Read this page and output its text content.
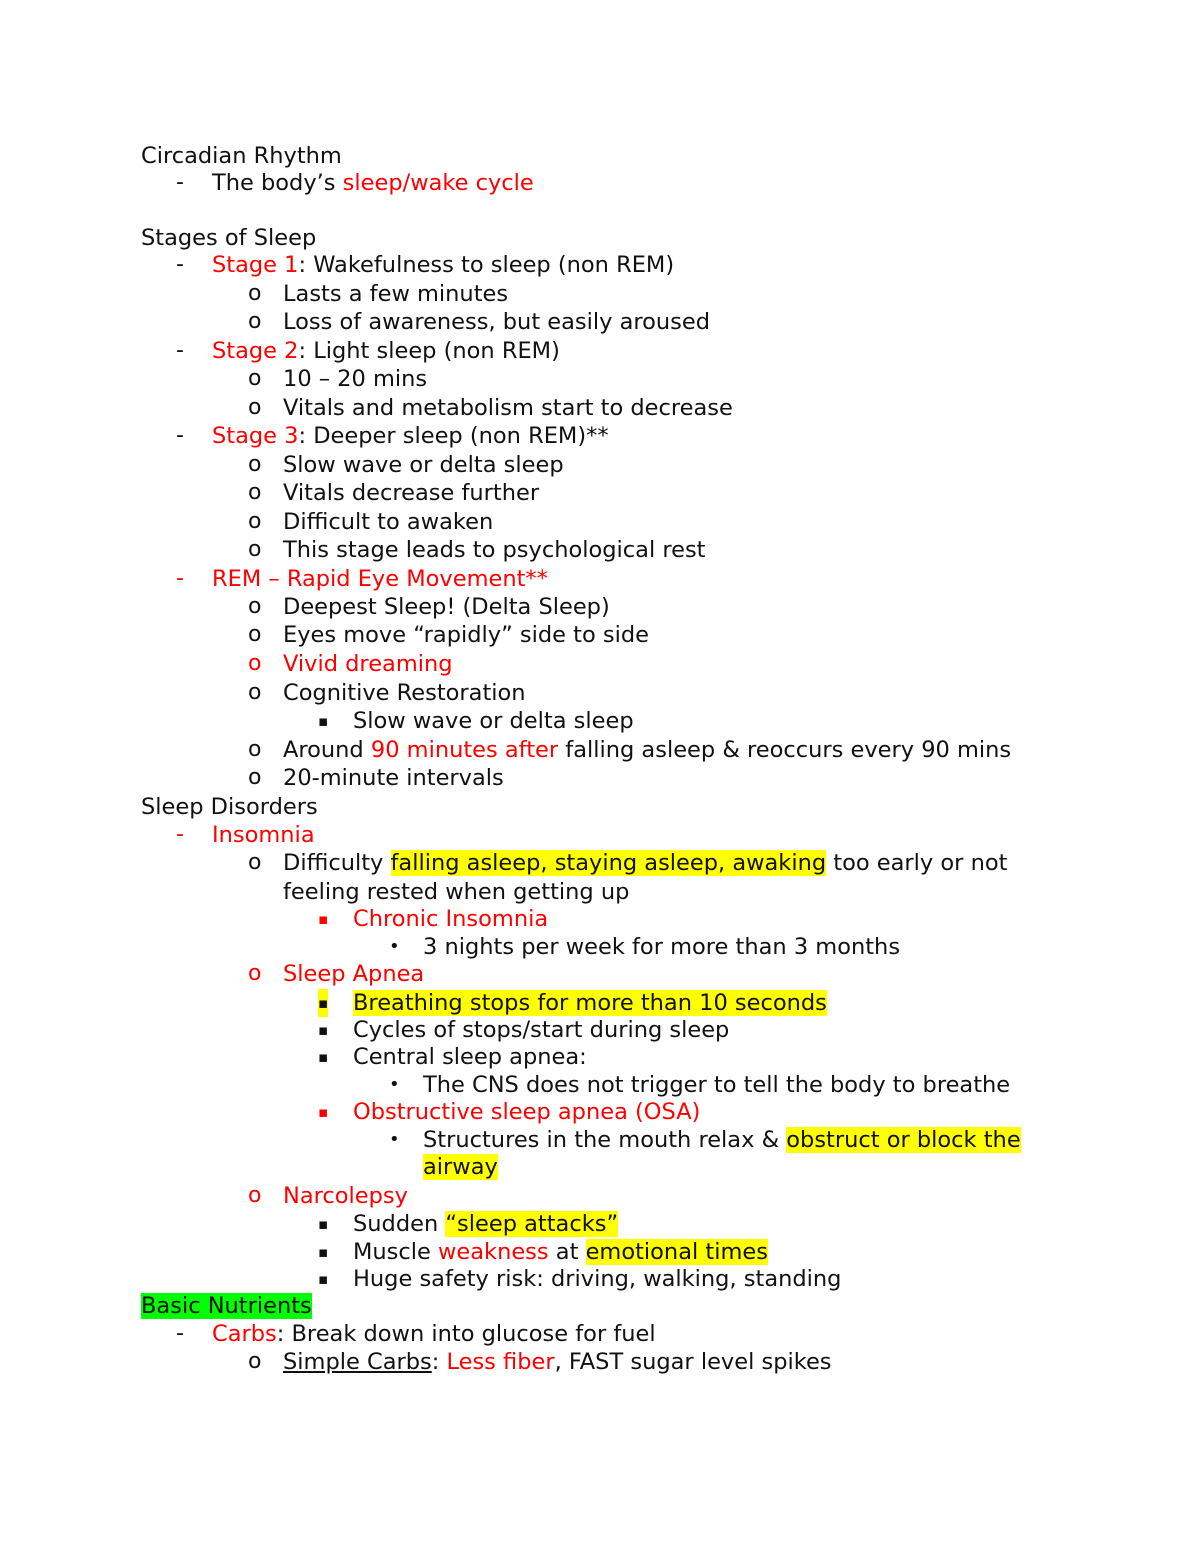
Circadian Rhythm
- The body’s sleep/wake cycle
Stages of Sleep
- Stage 1: Wakefulness to sleep (non REM)
o Lasts a few minutes
o Loss of awareness, but easily aroused
- Stage 2: Light sleep (non REM)
o 10 – 20 mins
o Vitals and metabolism start to decrease
- Stage 3: Deeper sleep (non REM)**
o Slow wave or delta sleep
o Vitals decrease further
o Difficult to awaken
o This stage leads to psychological rest
- REM – Rapid Eye Movement**
o Deepest Sleep! (Delta Sleep)
o Eyes move “rapidly” side to side
o Vivid dreaming
o Cognitive Restoration
▪ Slow wave or delta sleep
o Around 90 minutes after falling asleep & reoccurs every 90 mins
o 20-minute intervals
Sleep Disorders
- Insomnia
o Difficulty falling asleep, staying asleep, awaking too early or not
feeling rested when getting up
▪ Chronic Insomnia
• 3 nights per week for more than 3 months
o Sleep Apnea
▪ Breathing stops for more than 10 seconds
▪ Cycles of stops/start during sleep
▪ Central sleep apnea:
• The CNS does not trigger to tell the body to breathe
▪ Obstructive sleep apnea (OSA)
• Structures in the mouth relax & obstruct or block the
airway
o Narcolepsy
▪ Sudden “sleep attacks”
▪ Muscle weakness at emotional times
▪ Huge safety risk: driving, walking, standing
Basic Nutrients
- Carbs: Break down into glucose for fuel
o Simple Carbs: Less fiber, FAST sugar level spikes
